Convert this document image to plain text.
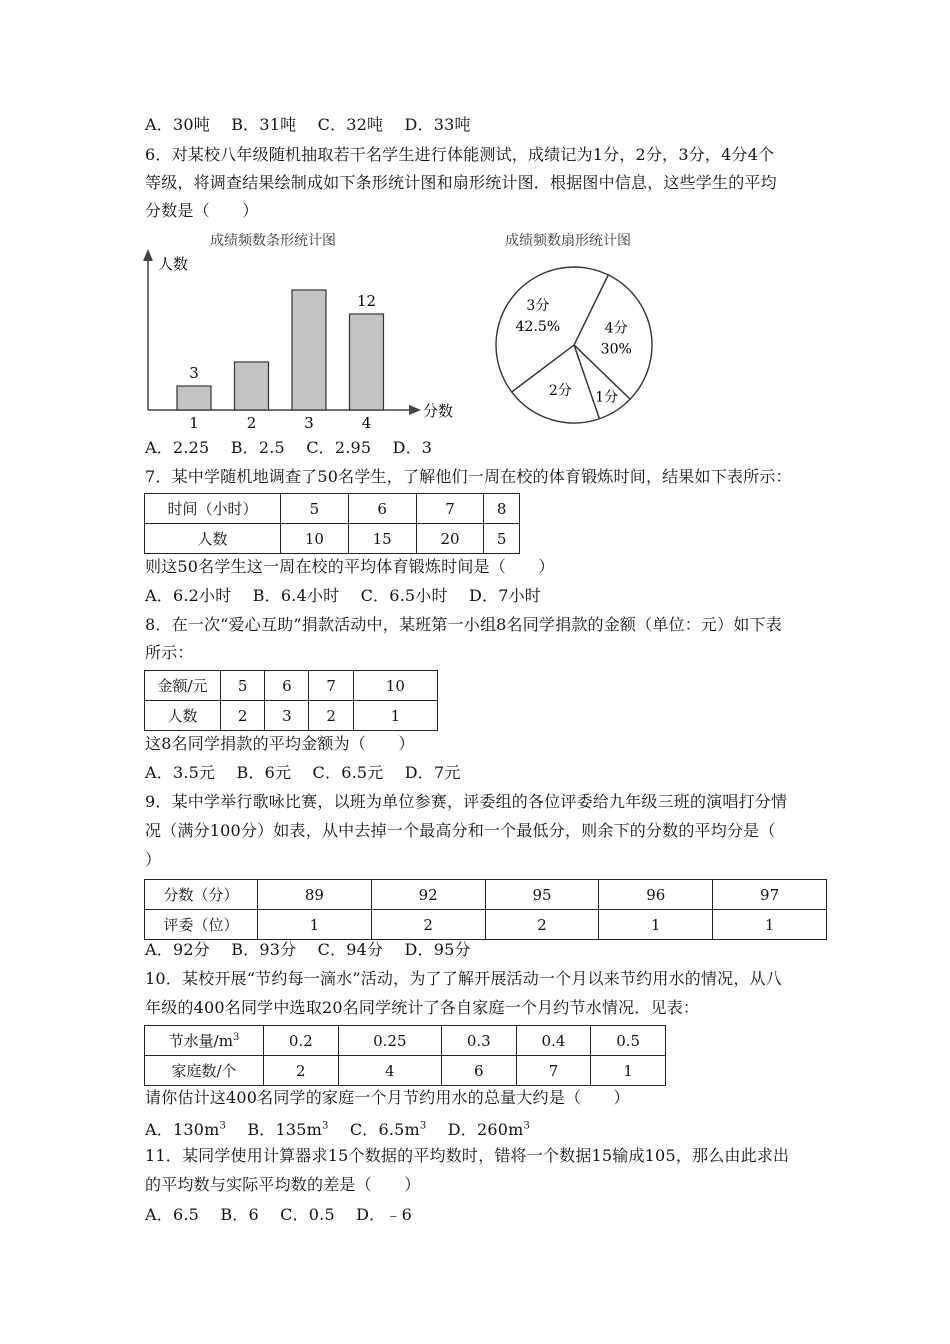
A．30吨 B．31吨 C．32吨 D．33吨
6．对某校八年级随机抽取若干名学生进行体能测试，成绩记为1分，2分，3分，4分4个
等级，将调查结果绘制成如下条形统计图和扇形统计图．根据图中信息，这些学生的平均
分数是（　　）
成绩频数条形统计图
人数
分数
1
3
2	3	4
12
成绩频数扇形统计图
4分
30%
1分
2分
3分
42.5%
A．2.25 B．2.5 C．2.95 D．3
7．某中学随机地调查了50名学生，了解他们一周在校的体育锻炼时间，结果如下表所示：
时间（小时）	5	6	7	8
人数	10	15	20	5
则这50名学生这一周在校的平均体育锻炼时间是（　　）
A．6.2小时 B．6.4小时 C．6.5小时 D．7小时
8．在一次“爱心互助”捐款活动中，某班第一小组8名同学捐款的金额（单位：元）如下表
所示：
金额/元	5	6	7	10
人数	2	3	2	1
这8名同学捐款的平均金额为（　　）
A．3.5元 B．6元 C．6.5元 D．7元
9．某中学举行歌咏比赛，以班为单位参赛，评委组的各位评委给九年级三班的演唱打分情
况（满分100分）如表，从中去掉一个最高分和一个最低分，则余下的分数的平均分是（
）
分数（分）	89	92	95	96	97
评委（位）	1	2	2	1	1
A．92分 B．93分 C．94分 D．95分
10．某校开展“节约每一滴水”活动，为了了解开展活动一个月以来节约用水的情况，从八
年级的400名同学中选取20名同学统计了各自家庭一个月约节水情况．见表：
节水量$/m^3$	0.2	0.25	0.3	0.4	0.5
家庭数/个	2	4	6	7	1
请你估计这400名同学的家庭一个月节约用水的总量大约是（　　）
A．$130m^3$ B．$135m^3$ C．$6.5m^3$ D．$260m^3$
11．某同学使用计算器求15个数据的平均数时，错将一个数据15输成105，那么由此求出
的平均数与实际平均数的差是（　　）
A．6.5 B．6 C．0.5 D．﹣6
